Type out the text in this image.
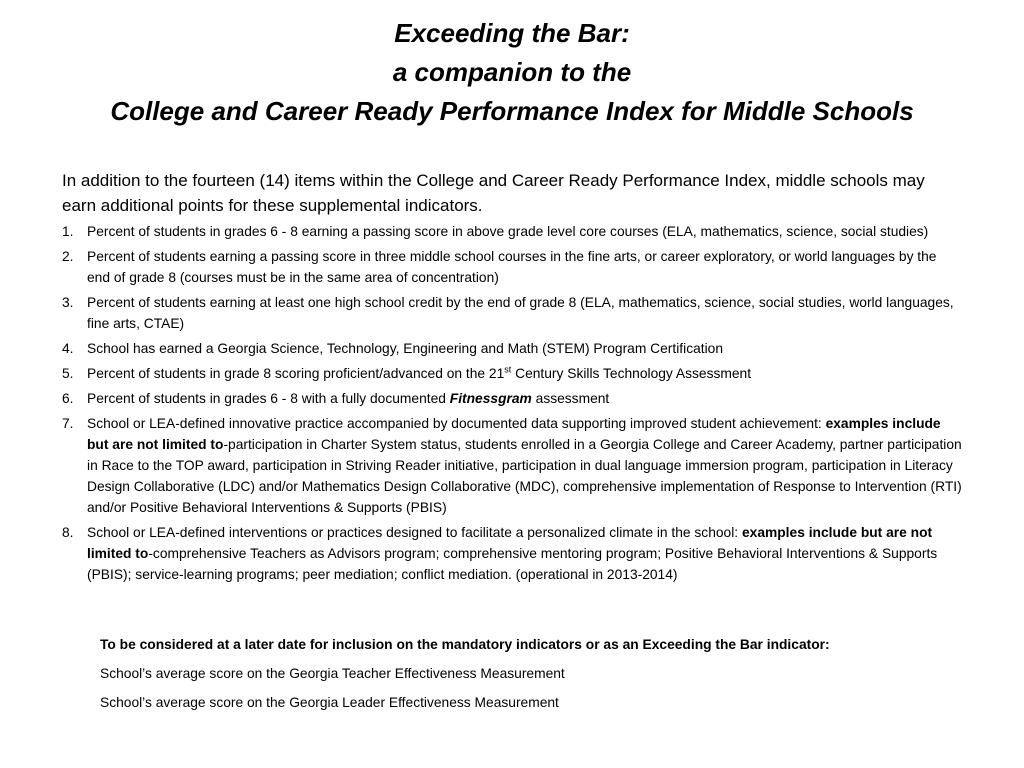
Exceeding the Bar:
a companion to the
College and Career Ready Performance Index for Middle Schools
In addition to the fourteen (14) items within the College and Career Ready Performance Index, middle schools may earn additional points for these supplemental indicators.
1. Percent of students in grades 6 - 8 earning a passing score in above grade level core courses (ELA, mathematics, science, social studies)
2. Percent of students earning a passing score in three middle school courses in the fine arts, or career exploratory, or world languages by the end of grade 8 (courses must be in the same area of concentration)
3. Percent of students earning at least one high school credit by the end of grade 8 (ELA, mathematics, science, social studies, world languages, fine arts, CTAE)
4. School has earned a Georgia Science, Technology, Engineering and Math (STEM) Program Certification
5. Percent of students in grade 8 scoring proficient/advanced on the 21st Century Skills Technology Assessment
6. Percent of students in grades 6 - 8 with a fully documented Fitnessgram assessment
7. School or LEA-defined innovative practice accompanied by documented data supporting improved student achievement: examples include but are not limited to-participation in Charter System status, students enrolled in a Georgia College and Career Academy, partner participation in Race to the TOP award, participation in Striving Reader initiative, participation in dual language immersion program, participation in Literacy Design Collaborative (LDC) and/or Mathematics Design Collaborative (MDC), comprehensive implementation of Response to Intervention (RTI) and/or Positive Behavioral Interventions & Supports (PBIS)
8. School or LEA-defined interventions or practices designed to facilitate a personalized climate in the school: examples include but are not limited to-comprehensive Teachers as Advisors program; comprehensive mentoring program; Positive Behavioral Interventions & Supports (PBIS); service-learning programs; peer mediation; conflict mediation. (operational in 2013-2014)
To be considered at a later date for inclusion on the mandatory indicators or as an Exceeding the Bar indicator:
School’s average score on the Georgia Teacher Effectiveness Measurement
School’s average score on the Georgia Leader Effectiveness Measurement
